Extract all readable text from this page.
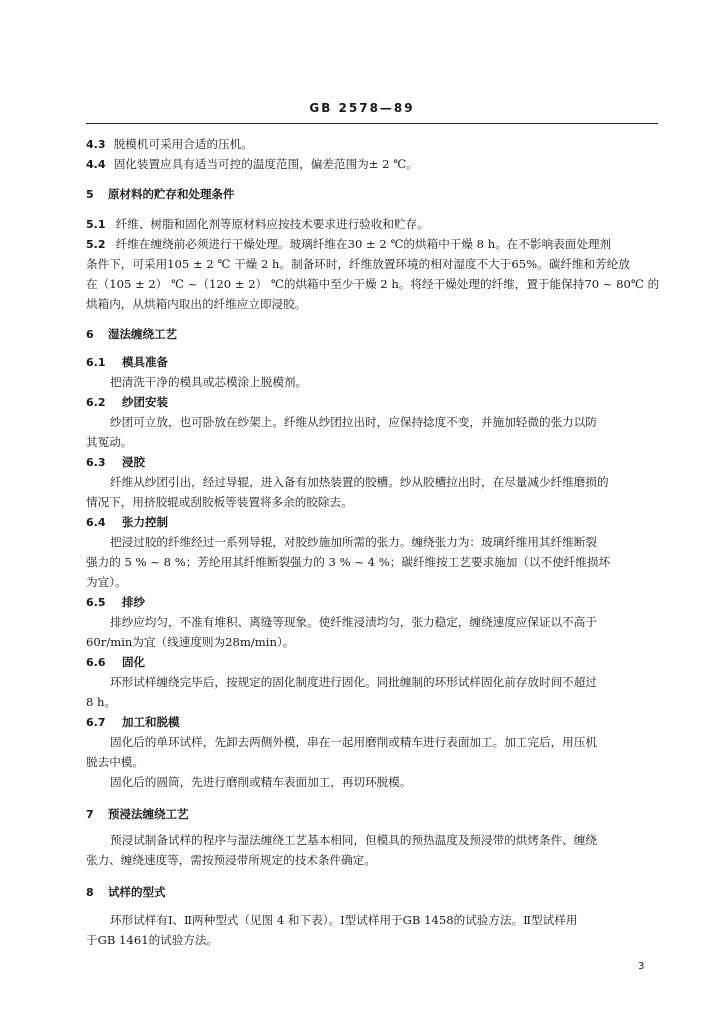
GB 2578—89
4.3 脱模机可采用合适的压机。
4.4 固化装置应具有适当可控的温度范围，偏差范围为± 2 ℃。
5 原材料的贮存和处理条件
5.1 纤维、树脂和固化剂等原材料应按技术要求进行验收和贮存。
5.2 纤维在缠绕前必须进行干燥处理。玻璃纤维在30 ± 2 ℃的烘箱中干燥 8 h。在不影响表面处理剂
条件下，可采用105 ± 2 ℃ 干燥 2 h。制备环时，纤维放置环境的相对湿度不大于65%。碳纤维和芳纶放
在（105 ± 2） ℃ ~（120 ± 2） ℃的烘箱中至少干燥 2 h。将经干燥处理的纤维，置于能保持70 ~ 80℃ 的
烘箱内，从烘箱内取出的纤维应立即浸胶。
6 湿法缠绕工艺
6.1 模具准备
把清洗干净的模具或芯模涂上脱模剂。
6.2 纱团安装
纱团可立放，也可卧放在纱架上。纤维从纱团拉出时，应保持捻度不变，并施加轻微的张力以防
其冤动。
6.3 浸胶
纤维从纱团引出，经过导辊，进入备有加热装置的胶槽。纱从胶槽拉出时，在尽量减少纤维磨损的
情况下，用挤胶辊或刮胶板等装置将多余的胶除去。
6.4 张力控制
把浸过胶的纤维经过一系列导辊，对胶纱施加所需的张力。缠绕张力为：玻璃纤维用其纤维断裂
强力的 5 % ~ 8 %；芳纶用其纤维断裂强力的 3 % ~ 4 %；碳纤维按工艺要求施加（以不使纤维损坏
为宜）。
6.5 排纱
排纱应均匀，不准有堆积、离缝等现象。使纤维浸渍均匀，张力稳定，缠绕速度应保证以不高于
60r/min为宜（线速度则为28m/min）。
6.6 固化
环形试样缠绕完毕后，按规定的固化制度进行固化。同批缠制的环形试样固化前存放时间不超过
8 h。
6.7 加工和脱模
固化后的单环试样，先卸去两侧外模，串在一起用磨削或精车进行表面加工。加工完后，用压机
脱去中模。
固化后的圆筒，先进行磨削或精车表面加工，再切环脱模。
7 预浸法缠绕工艺
预浸试制备试样的程序与湿法缠绕工艺基本相同，但模具的预热温度及预浸带的烘烤条件、缠绕
张力、缠绕速度等，需按预浸带所规定的技术条件确定。
8 试样的型式
环形试样有Ⅰ、Ⅱ两种型式（见图 4 和下表）。Ⅰ型试样用于GB 1458的试验方法。Ⅱ型试样用
于GB 1461的试验方法。
3
